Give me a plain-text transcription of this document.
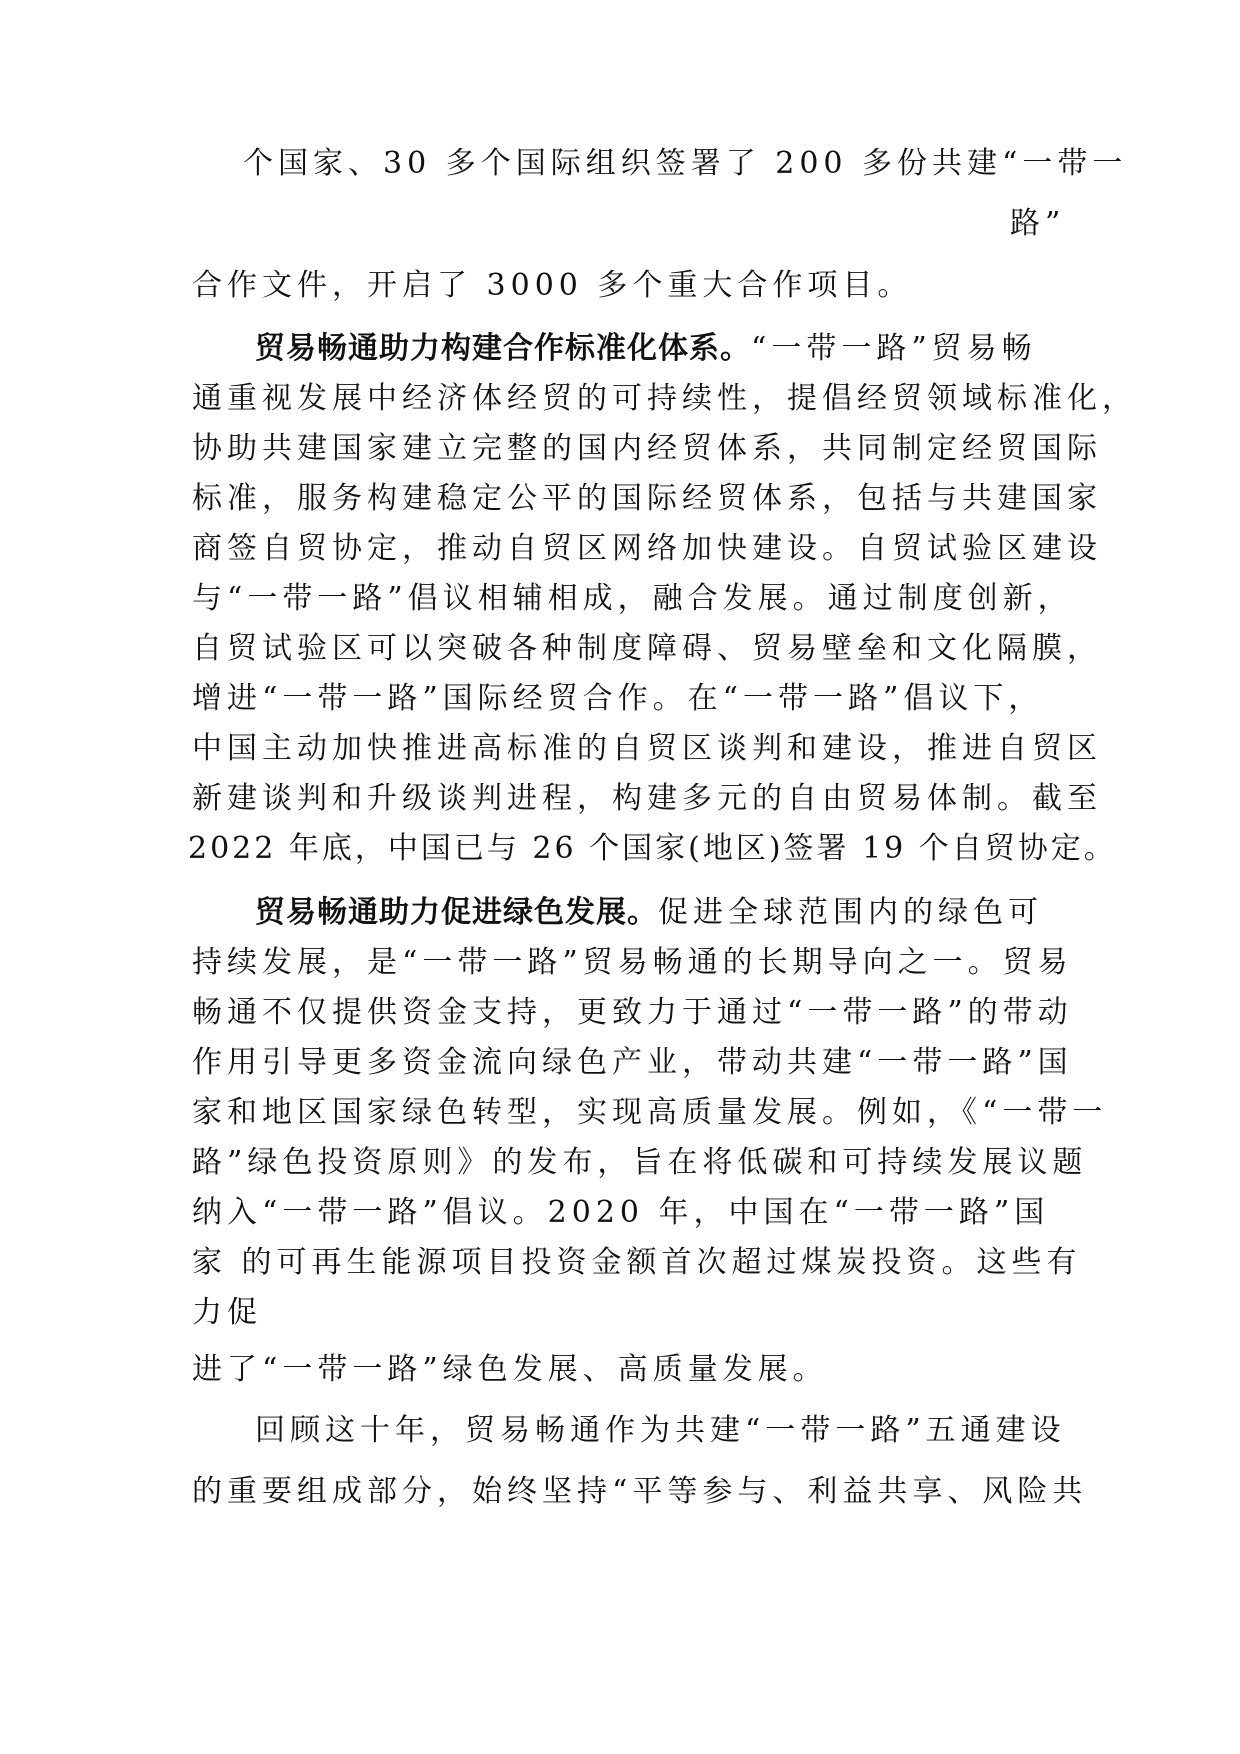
个国家、30 多个国际组织签署了 200 多份共建“一带一
路”
合作文件，开启了 3000 多个重大合作项目。
贸易畅通助力构建合作标准化体系。“一带一路”贸易畅
通重视发展中经济体经贸的可持续性，提倡经贸领域标准化，
协助共建国家建立完整的国内经贸体系，共同制定经贸国际
标准，服务构建稳定公平的国际经贸体系，包括与共建国家
商签自贸协定，推动自贸区网络加快建设。自贸试验区建设
与“一带一路”倡议相辅相成，融合发展。通过制度创新，
自贸试验区可以突破各种制度障碍、贸易壁垒和文化隔膜，
增进“一带一路”国际经贸合作。在“一带一路”倡议下，
中国主动加快推进高标准的自贸区谈判和建设，推进自贸区
新建谈判和升级谈判进程，构建多元的自由贸易体制。截至
2022 年底，中国已与 26 个国家(地区)签署 19 个自贸协定。
贸易畅通助力促进绿色发展。促进全球范围内的绿色可
持续发展，是“一带一路”贸易畅通的长期导向之一。贸易
畅通不仅提供资金支持，更致力于通过“一带一路”的带动
作用引导更多资金流向绿色产业，带动共建“一带一路”国
家和地区国家绿色转型，实现高质量发展。例如，《“一带一
路”绿色投资原则》的发布，旨在将低碳和可持续发展议题
纳入“一带一路”倡议。2020 年，中国在“一带一路”国
家 的可再生能源项目投资金额首次超过煤炭投资。这些有
力促
进了“一带一路”绿色发展、高质量发展。
回顾这十年，贸易畅通作为共建“一带一路”五通建设
的重要组成部分，始终坚持“平等参与、利益共享、风险共
